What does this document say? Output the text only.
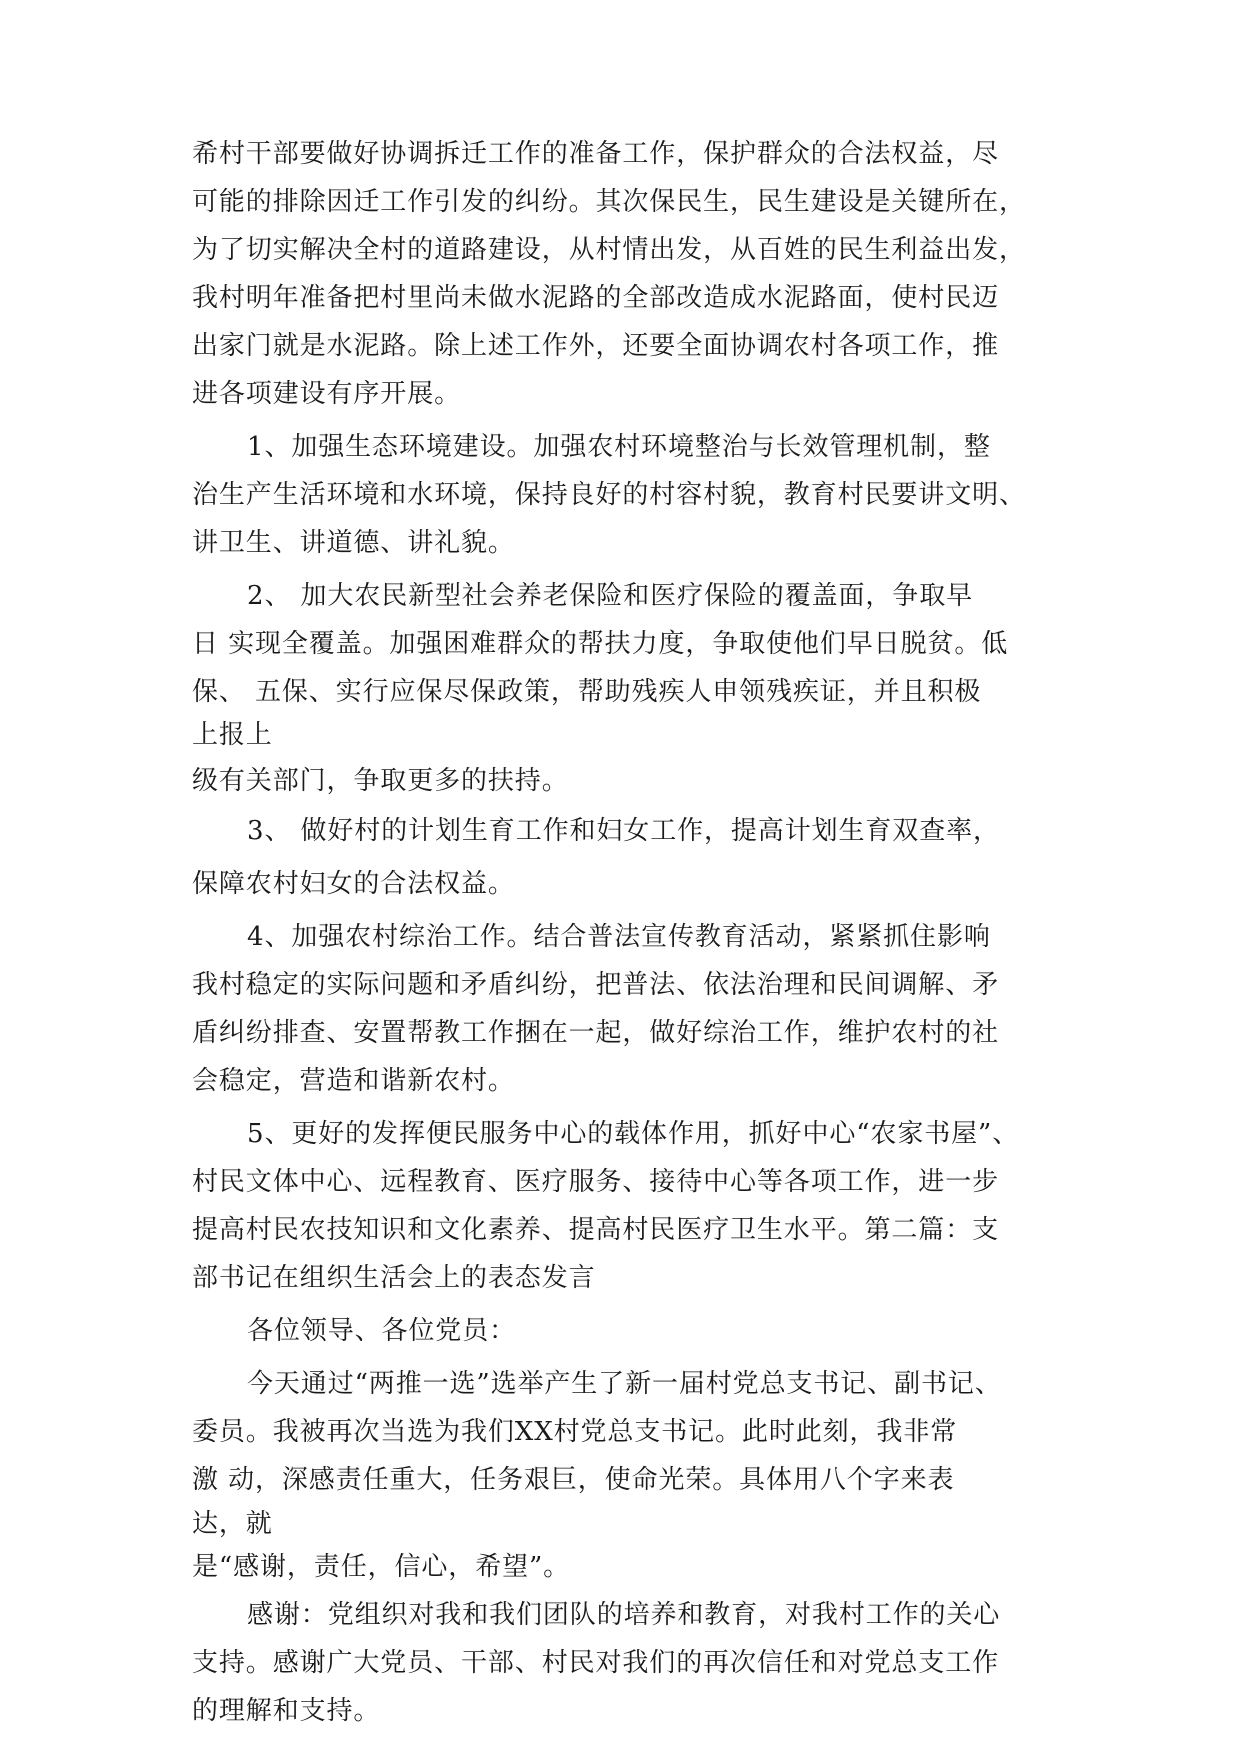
希村干部要做好协调拆迁工作的准备工作，保护群众的合法权益，尽
可能的排除因迁工作引发的纠纷。其次保民生，民生建设是关键所在，
为了切实解决全村的道路建设，从村情出发，从百姓的民生利益出发，
我村明年准备把村里尚未做水泥路的全部改造成水泥路面，使村民迈
出家门就是水泥路。除上述工作外，还要全面协调农村各项工作，推
进各项建设有序开展。
1、加强生态环境建设。加强农村环境整治与长效管理机制，整
治生产生活环境和水环境，保持良好的村容村貌，教育村民要讲文明、
讲卫生、讲道德、讲礼貌。
2、 加大农民新型社会养老保险和医疗保险的覆盖面，争取早
日 实现全覆盖。加强困难群众的帮扶力度，争取使他们早日脱贫。低
保、 五保、实行应保尽保政策，帮助残疾人申领残疾证，并且积极
上报上
级有关部门，争取更多的扶持。
3、 做好村的计划生育工作和妇女工作，提高计划生育双查率，
保障农村妇女的合法权益。
4、加强农村综治工作。结合普法宣传教育活动，紧紧抓住影响
我村稳定的实际问题和矛盾纠纷，把普法、依法治理和民间调解、矛
盾纠纷排查、安置帮教工作捆在一起，做好综治工作，维护农村的社
会稳定，营造和谐新农村。
5、更好的发挥便民服务中心的载体作用，抓好中心“农家书屋”、
村民文体中心、远程教育、医疗服务、接待中心等各项工作，进一步
提高村民农技知识和文化素养、提高村民医疗卫生水平。第二篇：支
部书记在组织生活会上的表态发言
各位领导、各位党员：
今天通过“两推一选”选举产生了新一届村党总支书记、副书记、
委员。我被再次当选为我们XX村党总支书记。此时此刻，我非常
激 动，深感责任重大，任务艰巨，使命光荣。具体用八个字来表
达，就
是“感谢，责任，信心，希望”。
感谢：党组织对我和我们团队的培养和教育，对我村工作的关心
支持。感谢广大党员、干部、村民对我们的再次信任和对党总支工作
的理解和支持。
